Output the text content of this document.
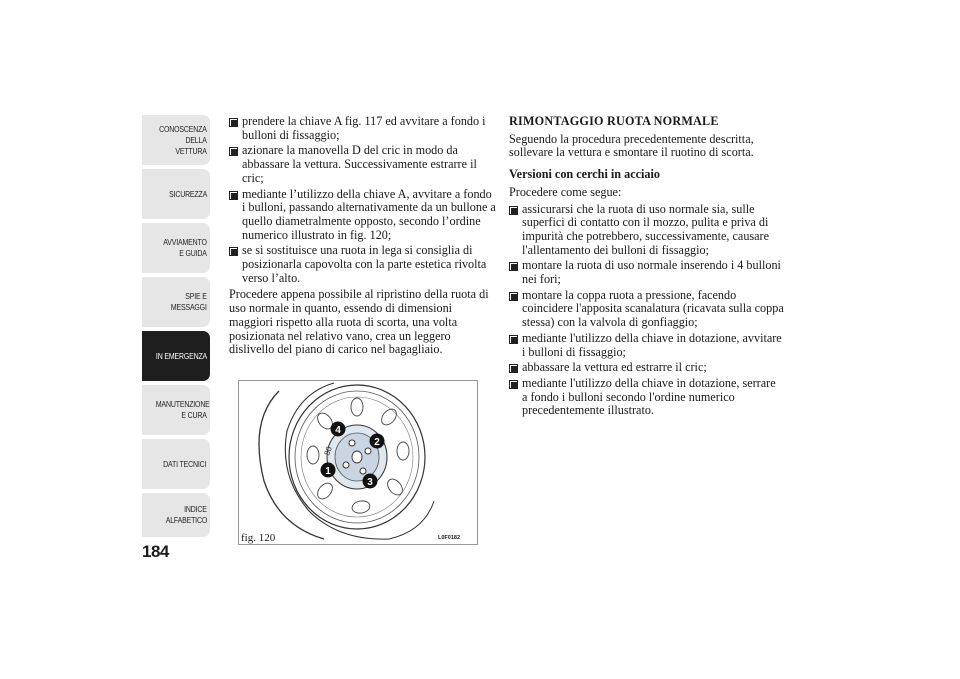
CONOSCENZA DELLA VETTURA
SICUREZZA
AVVIAMENTO E GUIDA
SPIE E MESSAGGI
IN EMERGENZA
MANUTENZIONE E CURA
DATI TECNICI
INDICE ALFABETICO
184
prendere la chiave A fig. 117 ed avvitare a fondo i bulloni di fissaggio;
azionare la manovella D del cric in modo da abbassare la vettura. Successivamente estrarre il cric;
mediante l’utilizzo della chiave A, avvitare a fondo i bulloni, passando alternativamente da un bullone a quello diametralmente opposto, secondo l’ordine numerico illustrato in fig. 120;
se si sostituisce una ruota in lega si consiglia di posizionarla capovolta con la parte estetica rivolta verso l’alto.

Procedere appena possibile al ripristino della ruota di uso normale in quanto, essendo di dimensioni maggiori rispetto alla ruota di scorta, una volta posizionata nel relativo vano, crea un leggero dislivello del piano di carico nel bagagliaio.

80
1
2
3
4
fig. 120	L0F0182

RIMONTAGGIO RUOTA NORMALE

Seguendo la procedura precedentemente descritta, sollevare la vettura e smontare il ruotino di scorta.

Versioni con cerchi in acciaio

Procedere come segue:

assicurarsi che la ruota di uso normale sia, sulle superfici di contatto con il mozzo, pulita e priva di impurità che potrebbero, successivamente, causare l'allentamento dei bulloni di fissaggio;
montare la ruota di uso normale inserendo i 4 bulloni nei fori;
montare la coppa ruota a pressione, facendo coincidere l'apposita scanalatura (ricavata sulla coppa stessa) con la valvola di gonfiaggio;
mediante l'utilizzo della chiave in dotazione, avvitare i bulloni di fissaggio;
abbassare la vettura ed estrarre il cric;
mediante l'utilizzo della chiave in dotazione, serrare a fondo i bulloni secondo l'ordine numerico precedentemente illustrato.
